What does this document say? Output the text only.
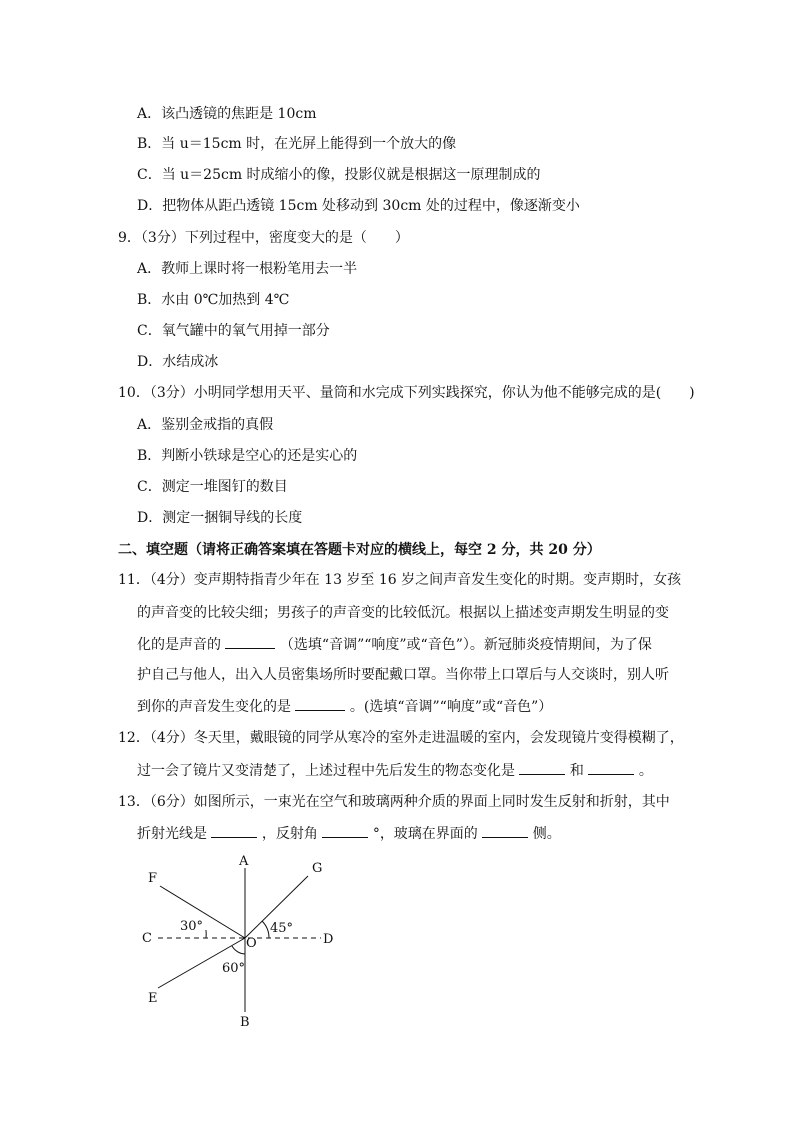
A．该凸透镜的焦距是 10cm
B．当 u＝15cm 时，在光屏上能得到一个放大的像
C．当 u＝25cm 时成缩小的像，投影仪就是根据这一原理制成的
D．把物体从距凸透镜 15cm 处移动到 30cm 处的过程中，像逐渐变小
9．（3分）下列过程中，密度变大的是（　　）
A．教师上课时将一根粉笔用去一半
B．水由 0℃加热到 4℃
C．氧气罐中的氧气用掉一部分
D．水结成冰
10．（3分）小明同学想用天平、量筒和水完成下列实践探究，你认为他不能够完成的是(　　)
A．鉴别金戒指的真假
B．判断小铁球是空心的还是实心的
C．测定一堆图钉的数目
D．测定一捆铜导线的长度
二、填空题（请将正确答案填在答题卡对应的横线上，每空 2 分，共 20 分）
11．（4分）变声期特指青少年在 13 岁至 16 岁之间声音发生变化的时期。变声期时，女孩
的声音变的比较尖细；男孩子的声音变的比较低沉。根据以上描述变声期发生明显的变
化的是声音的	（选填“音调”“响度”或“音色”）。新冠肺炎疫情期间，为了保
护自己与他人，出入人员密集场所时要配戴口罩。当你带上口罩后与人交谈时，别人听
到你的声音发生变化的是	。(选填“音调”“响度”或“音色”）
12．（4分）冬天里，戴眼镜的同学从寒冷的室外走进温暖的室内，会发现镜片变得模糊了，
过一会了镜片又变清楚了，上述过程中先后发生的物态变化是	和	。
13．（6分）如图所示，一束光在空气和玻璃两种介质的界面上同时发生反射和折射，其中
折射光线是	，反射角	°，玻璃在界面的	侧。
A
B
C	D
E
F
G
O
30°	45°
60°
